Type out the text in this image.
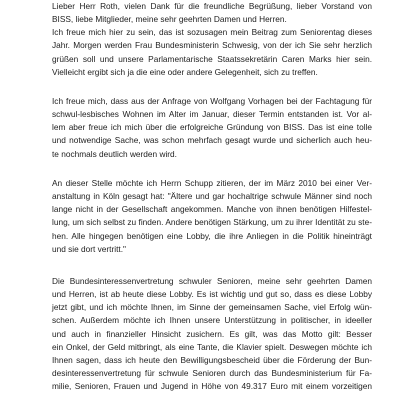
Lieber Herr Roth, vielen Dank für die freundliche Begrüßung, lieber Vorstand von
BISS, liebe Mitglieder, meine sehr geehrten Damen und Herren.
Ich freue mich hier zu sein, das ist sozusagen mein Beitrag zum Seniorentag dieses
Jahr. Morgen werden Frau Bundesministerin Schwesig, von der ich Sie sehr herzlich
grüßen soll und unsere Parlamentarische Staatssekretärin Caren Marks hier sein.
Vielleicht ergibt sich ja die eine oder andere Gelegenheit, sich zu treffen.
Ich freue mich, dass aus der Anfrage von Wolfgang Vorhagen bei der Fachtagung für
schwul-lesbisches Wohnen im Alter im Januar, dieser Termin entstanden ist. Vor al-
lem aber freue ich mich über die erfolgreiche Gründung von BISS. Das ist eine tolle
und notwendige Sache, was schon mehrfach gesagt wurde und sicherlich auch heu-
te nochmals deutlich werden wird.
An dieser Stelle möchte ich Herrn Schupp zitieren, der im März 2010 bei einer Ver-
anstaltung in Köln gesagt hat: "Ältere und gar hochaltrige schwule Männer sind noch
lange nicht in der Gesellschaft angekommen. Manche von ihnen benötigen Hilfestel-
lung, um sich selbst zu finden. Andere benötigen Stärkung, um zu ihrer Identität zu ste-
hen. Alle hingegen benötigen eine Lobby, die ihre Anliegen in die Politik hineinträgt
und sie dort vertritt."
Die Bundesinteressenvertretung schwuler Senioren, meine sehr geehrten Damen
und Herren, ist ab heute diese Lobby. Es ist wichtig und gut so, dass es diese Lobby
jetzt gibt, und ich möchte Ihnen, im Sinne der gemeinsamen Sache, viel Erfolg wün-
schen. Außerdem möchte ich Ihnen unsere Unterstützung in politischer, in ideeller
und auch in finanzieller Hinsicht zusichern. Es gilt, was das Motto gilt: Besser
ein Onkel, der Geld mitbringt, als eine Tante, die Klavier spielt. Deswegen möchte ich
Ihnen sagen, dass ich heute den Bewilligungsbescheid über die Förderung der Bun-
desinteressenvertretung für schwule Senioren durch das Bundesministerium für Fa-
milie, Senioren, Frauen und Jugend in Höhe von 49.317 Euro mit einem vorzeitigen
